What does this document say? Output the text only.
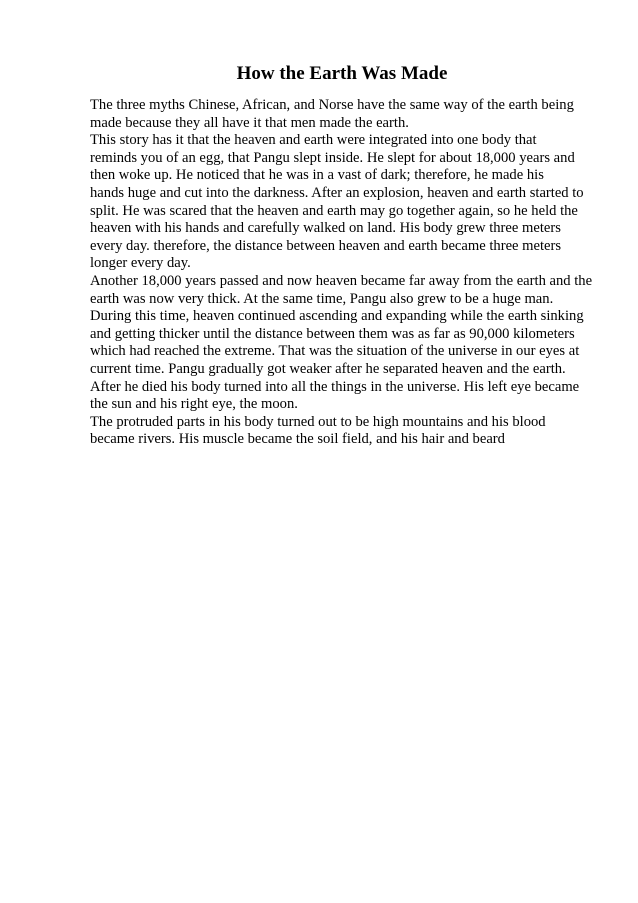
How the Earth Was Made
The three myths Chinese, African, and Norse have the same way of the earth being
made because they all have it that men made the earth.
This story has it that the heaven and earth were integrated into one body that
reminds you of an egg, that Pangu slept inside. He slept for about 18,000 years and
then woke up. He noticed that he was in a vast of dark; therefore, he made his
hands huge and cut into the darkness. After an explosion, heaven and earth started to
split. He was scared that the heaven and earth may go together again, so he held the
heaven with his hands and carefully walked on land. His body grew three meters
every day. therefore, the distance between heaven and earth became three meters
longer every day.
Another 18,000 years passed and now heaven became far away from the earth and the
earth was now very thick. At the same time, Pangu also grew to be a huge man.
During this time, heaven continued ascending and expanding while the earth sinking
and getting thicker until the distance between them was as far as 90,000 kilometers
which had reached the extreme. That was the situation of the universe in our eyes at
current time. Pangu gradually got weaker after he separated heaven and the earth.
After he died his body turned into all the things in the universe. His left eye became
the sun and his right eye, the moon.
The protruded parts in his body turned out to be high mountains and his blood
became rivers. His muscle became the soil field, and his hair and beard
